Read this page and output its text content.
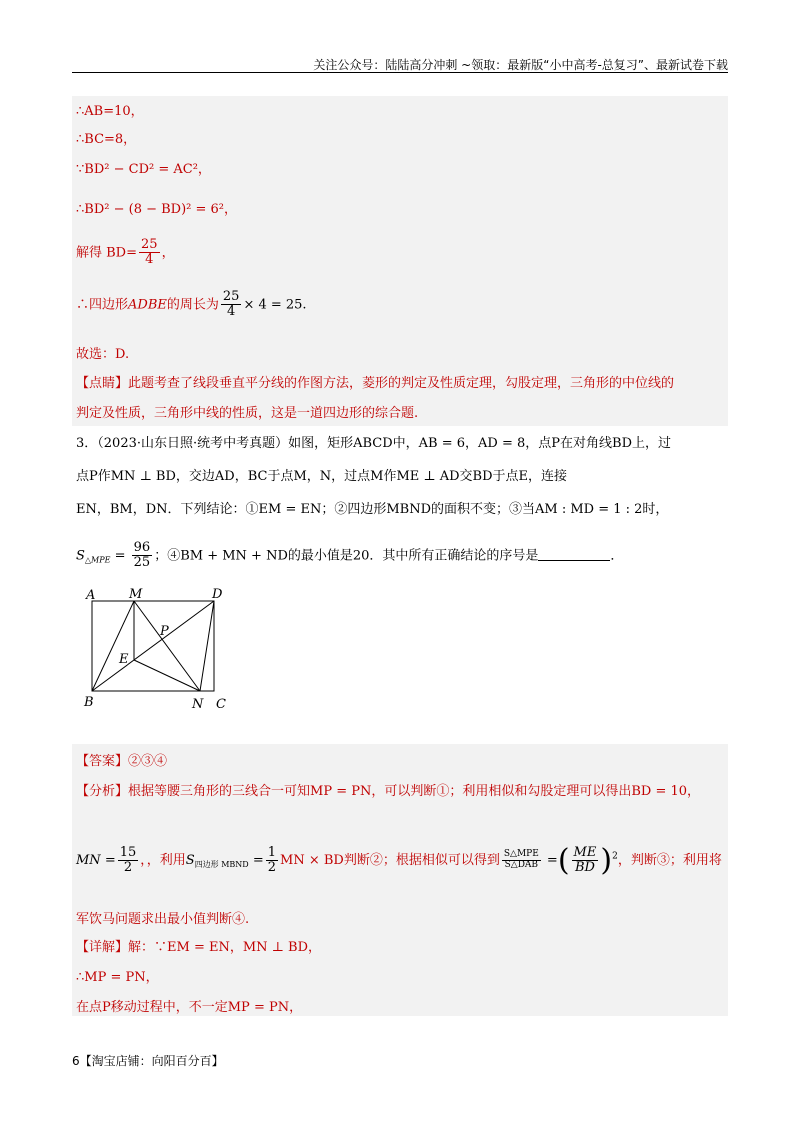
关注公众号：陆陆高分冲刺 ~领取：最新版“小中高考-总复习”、最新试卷下载
∴AB=10，
∴BC=8，
∵BD² − CD² = AC²，
∴BD² − (8 − BD)² = 6²，
解得 $BD= \frac{25}{4}$ ，
∴四边形ADBE的周长为 $\frac{25}{4} \times 4 = 25$.
故选：D.
【点睛】此题考查了线段垂直平分线的作图方法，菱形的判定及性质定理，勾股定理，三角形的中位线的
判定及性质，三角形中线的性质，这是一道四边形的综合题.
3．（2023·山东日照·统考中考真题）如图，矩形ABCD中，AB = 6，AD = 8，点P在对角线BD上，过
点P作MN ⊥ BD，交边AD，BC于点M，N，过点M作ME ⊥ AD交BD于点E，连接
EN，BM，DN．下列结论：①EM = EN；②四边形MBND的面积不变；③当AM : MD = 1 : 2时，
$S_{\triangle MPE} = \frac{96}{25}$ ；④BM + MN + ND的最小值是20．其中所有正确结论的序号是	．
A	M	D
P
E
B	N C
【答案】②③④
【分析】根据等腰三角形的三线合一可知MP = PN，可以判断①；利用相似和勾股定理可以得出BD = 10，
MN = $\frac{15}{2}$ ，，利用$S_{四边形 MBND} = \frac{1}{2}$ MN × BD判断②；根据相似可以得到 $\frac{\text{S△MPE}}{\text{S△DAB}}$ =( $\frac{ME}{BD} )^2$，判断③；利用将
军饮马问题求出最小值判断④.
【详解】解：∵EM = EN，MN ⊥ BD，
∴MP = PN，
在点P移动过程中，不一定MP = PN，
6【淘宝店铺：向阳百分百】
